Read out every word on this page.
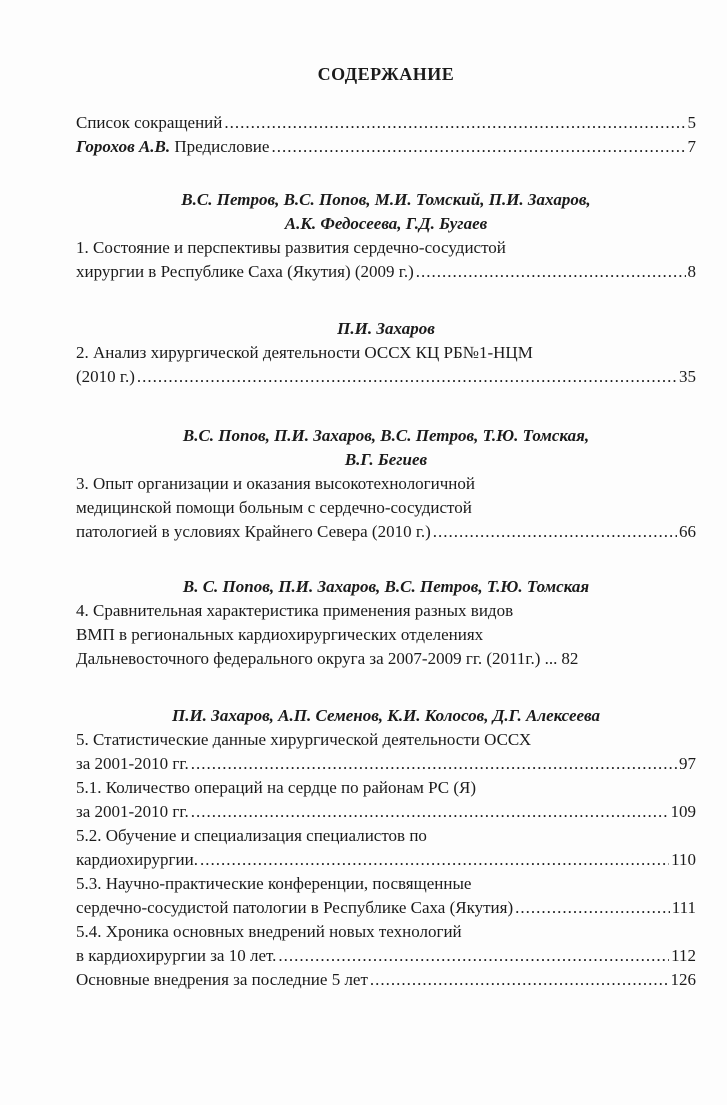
СОДЕРЖАНИЕ
Список сокращений .....	5
Горохов А.В. Предисловие .....	7
В.С. Петров, В.С. Попов, М.И. Томский, П.И. Захаров,
А.К. Федосеева, Г.Д. Бугаев
1. Состояние и перспективы развития сердечно-сосудистой
хирургии в Республике Саха (Якутия) (2009 г.) .....	8
П.И. Захаров
2. Анализ хирургической деятельности ОССХ КЦ РБ№1-НЦМ
(2010 г.) .....	35
В.С. Попов, П.И. Захаров, В.С. Петров, Т.Ю. Томская,
В.Г. Бегиев
3. Опыт организации и оказания высокотехнологичной
медицинской помощи больным с сердечно-сосудистой
патологией в условиях Крайнего Севера (2010 г.) .....	66
В. С. Попов, П.И. Захаров, В.С. Петров, Т.Ю. Томская
4. Сравнительная характеристика применения разных видов
ВМП в региональных кардиохирургических отделениях
Дальневосточного федерального округа за 2007-2009 гг. (2011г.) ... 82
П.И. Захаров, А.П. Семенов, К.И. Колосов, Д.Г. Алексеева
5. Статистические данные хирургической деятельности ОССХ
за 2001-2010 гг. .....	97
5.1. Количество операций на сердце по районам РС (Я)
за 2001-2010 гг. .....	109
5.2. Обучение и специализация специалистов по
кардиохирургии. .....	110
5.3. Научно-практические конференции, посвященные
сердечно-сосудистой патологии в Республике Саха (Якутия) .....	111
5.4. Хроника основных внедрений новых технологий
в кардиохирургии за 10 лет. .....	112
Основные внедрения за последние 5 лет .....	126
